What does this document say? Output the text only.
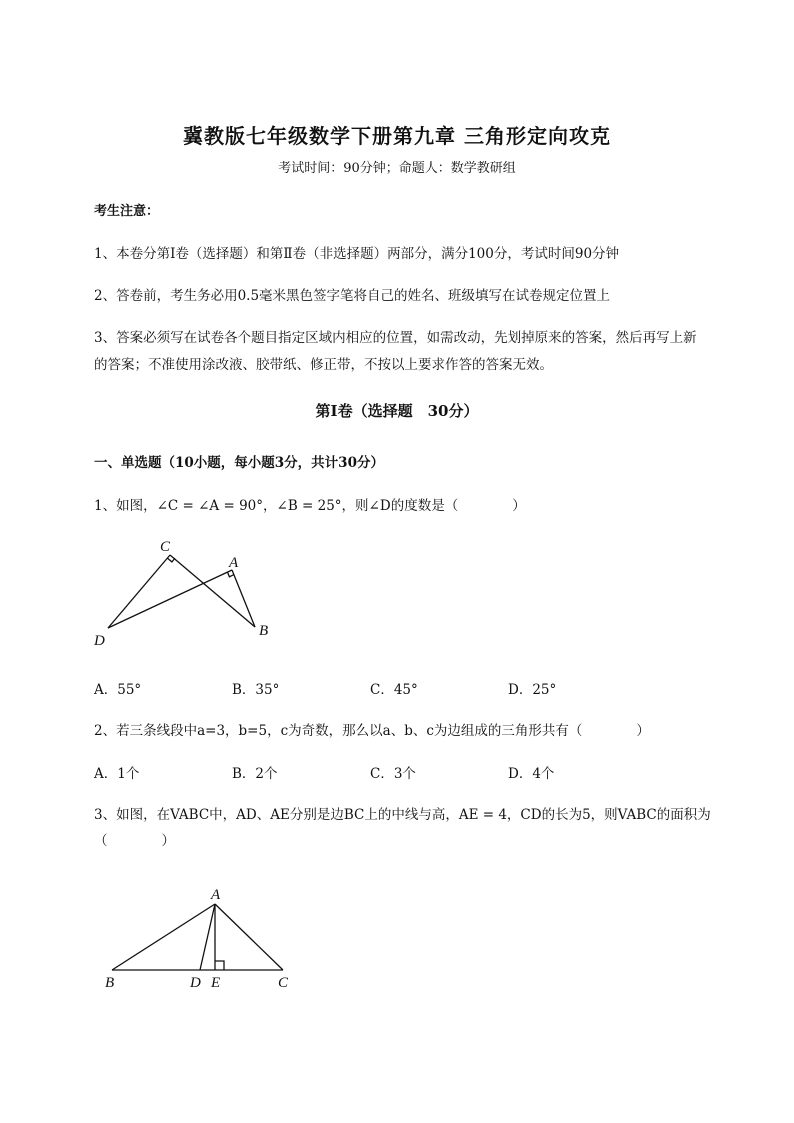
冀教版七年级数学下册第九章 三角形定向攻克
考试时间：90分钟；命题人：数学教研组
考生注意：
1、本卷分第I卷（选择题）和第Ⅱ卷（非选择题）两部分，满分100分，考试时间90分钟
2、答卷前，考生务必用0.5毫米黑色签字笔将自己的姓名、班级填写在试卷规定位置上
3、答案必须写在试卷各个题目指定区域内相应的位置，如需改动，先划掉原来的答案，然后再写上新
的答案；不准使用涂改液、胶带纸、修正带，不按以上要求作答的答案无效。
第I卷（选择题　30分）
一、单选题（10小题，每小题3分，共计30分）
1、如图，∠C = ∠A = 90°，∠B = 25°，则∠D的度数是（　　　　）
C
A
D
B
A．55°	B．35°	C．45°	D．25°
2、若三条线段中a=3，b=5，c为奇数，那么以a、b、c为边组成的三角形共有（　　　　）
A．1个	B．2个	C．3个	D．4个
3、如图，在VABC中，AD、AE分别是边BC上的中线与高，AE = 4，CD的长为5，则VABC的面积为
（　　　　）
A
B	D E	C
